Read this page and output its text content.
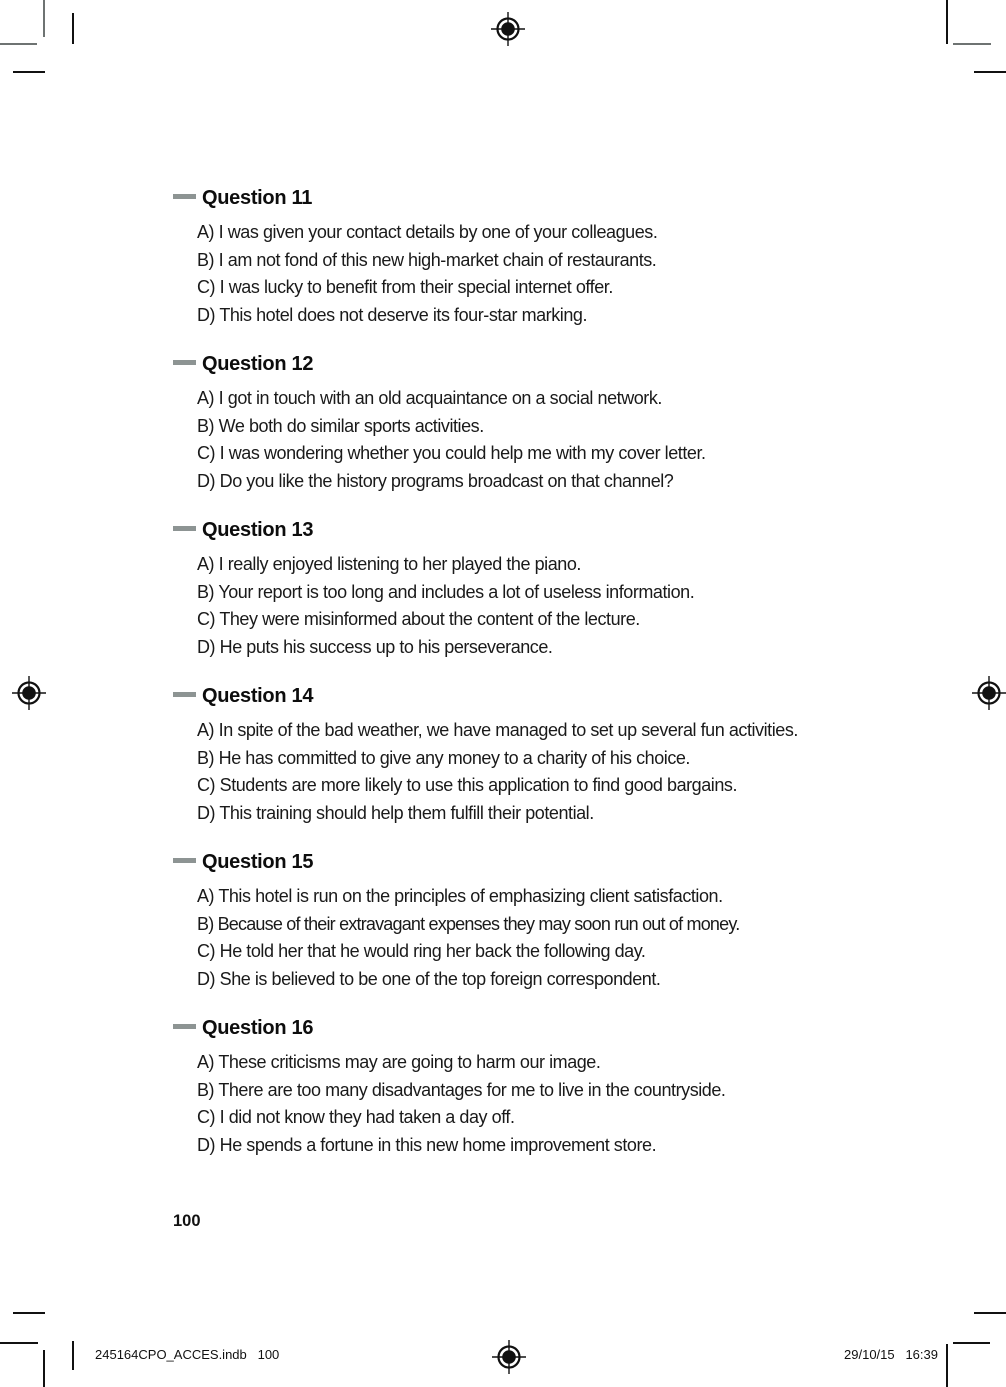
Question 11

A) I was given your contact details by one of your colleagues.

B) I am not fond of this new high-market chain of restaurants.

C) I was lucky to benefit from their special internet offer.

D) This hotel does not deserve its four-star marking.

Question 12

A) I got in touch with an old acquaintance on a social network.

B) We both do similar sports activities.

C) I was wondering whether you could help me with my cover letter.

D) Do you like the history programs broadcast on that channel?

Question 13

A) I really enjoyed listening to her played the piano.

B) Your report is too long and includes a lot of useless information.

C) They were misinformed about the content of the lecture.

D) He puts his success up to his perseverance.

Question 14

A) In spite of the bad weather, we have managed to set up several fun activities.

B) He has committed to give any money to a charity of his choice.

C) Students are more likely to use this application to find good bargains.

D) This training should help them fulfill their potential.

Question 15

A) This hotel is run on the principles of emphasizing client satisfaction.

B) Because of their extravagant expenses they may soon run out of money.

C) He told her that he would ring her back the following day.

D) She is believed to be one of the top foreign correspondent.

Question 16

A) These criticisms may are going to harm our image.

B) There are too many disadvantages for me to live in the countryside.

C) I did not know they had taken a day off.

D) He spends a fortune in this new home improvement store.

100
245164CPO_ACCES.indb   100	29/10/15   16:39
